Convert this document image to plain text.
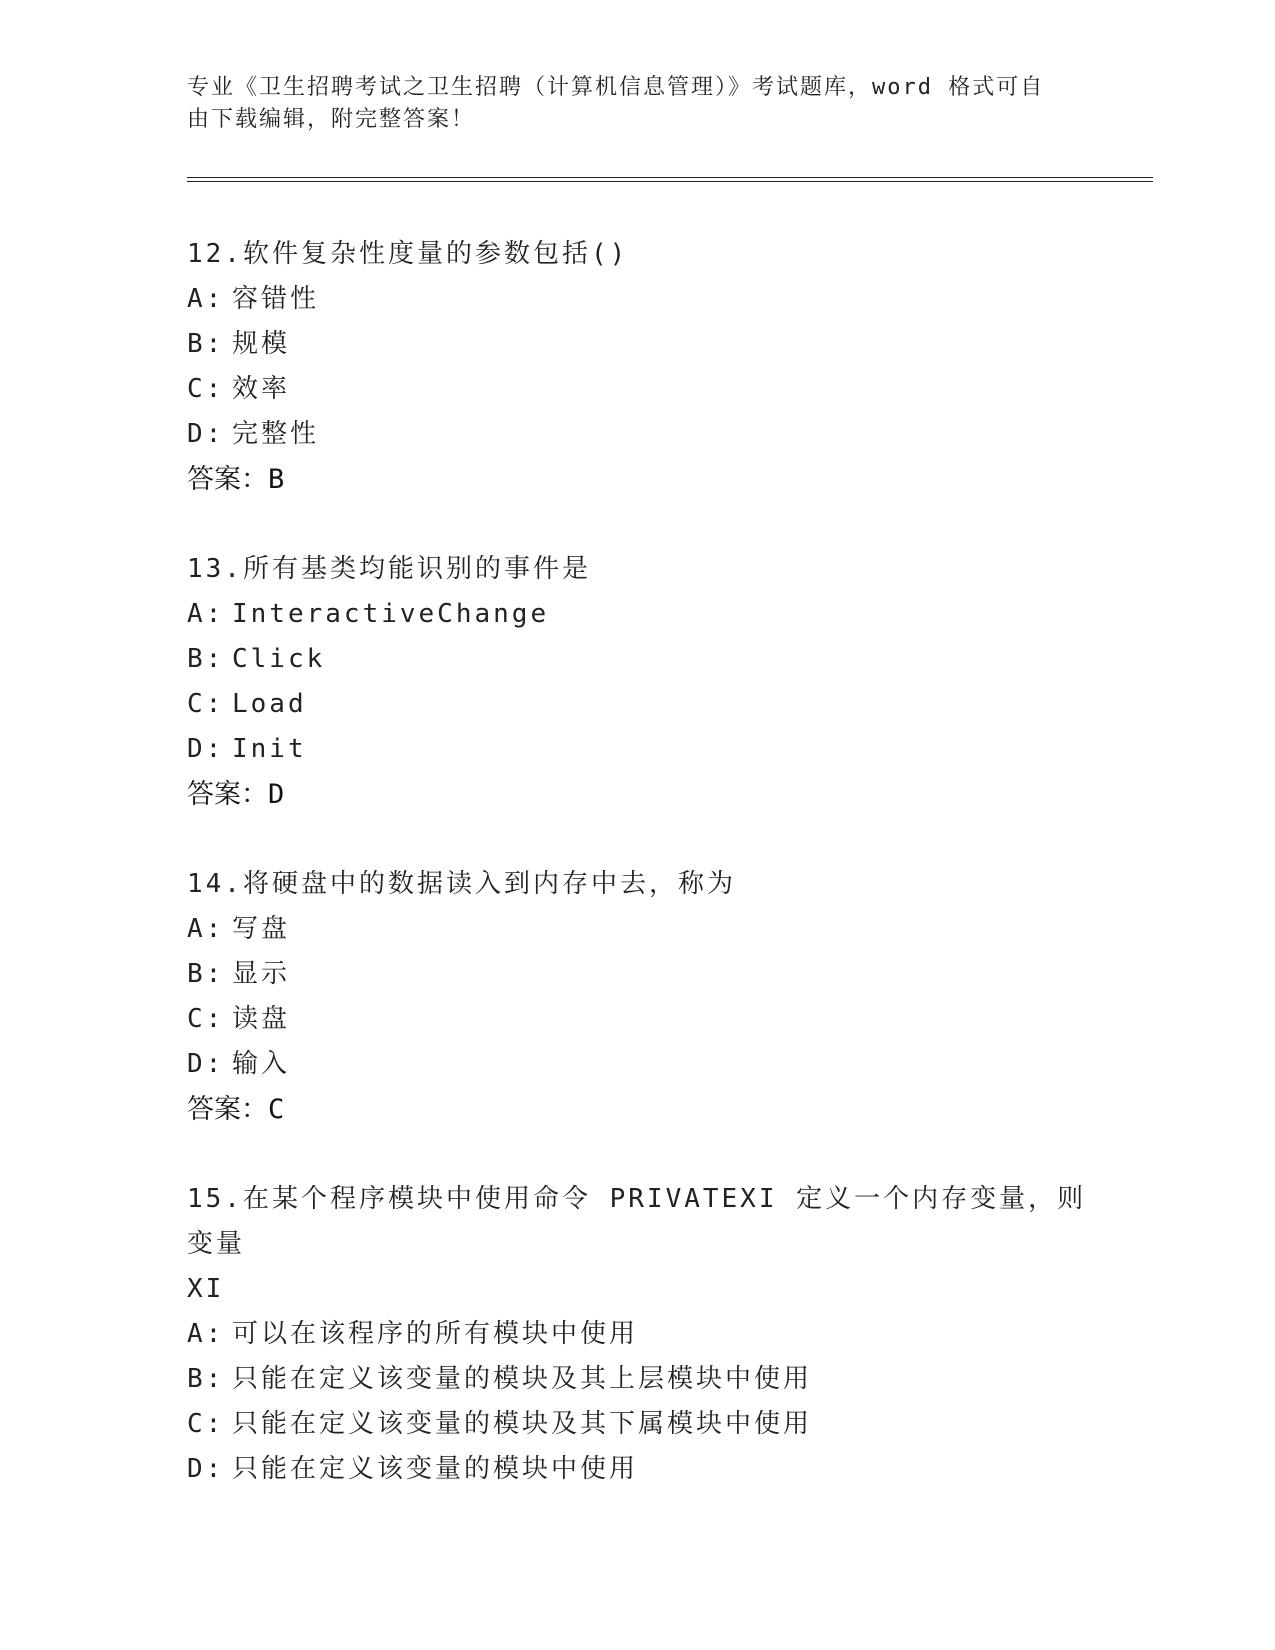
专业《卫生招聘考试之卫生招聘（计算机信息管理）》考试题库，word 格式可自
由下载编辑，附完整答案！
12.软件复杂性度量的参数包括()
A: 容错性
B: 规模
C: 效率
D: 完整性
答案：B
13.所有基类均能识别的事件是
A: InteractiveChange
B: Click
C: Load
D: Init
答案：D
14.将硬盘中的数据读入到内存中去，称为
A: 写盘
B: 显示
C: 读盘
D: 输入
答案：C
15.在某个程序模块中使用命令 PRIVATEXI 定义一个内存变量，则变量
XI
A: 可以在该程序的所有模块中使用
B: 只能在定义该变量的模块及其上层模块中使用
C: 只能在定义该变量的模块及其下属模块中使用
D: 只能在定义该变量的模块中使用
